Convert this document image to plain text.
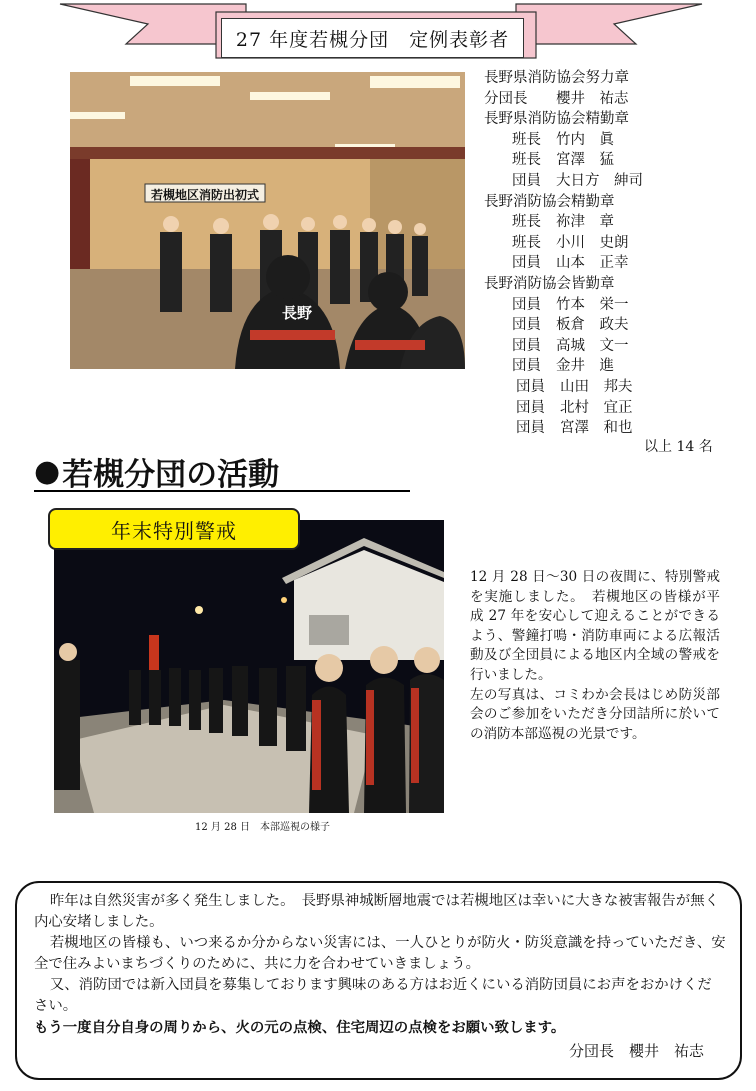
27 年度若槻分団　定例表彰者
若槻地区消防出初式
長野
長野県消防協会努力章
分団長 櫻井　祐志
長野県消防協会精勤章
班長 竹内　眞
班長 宮澤　猛
団員 大日方　紳司
長野消防協会精勤章
班長 祢津　章
班長 小川　史朗
団員 山本　正幸
長野消防協会皆勤章
団員 竹本　栄一
団員 板倉　政夫
団員 高城　文一
団員 金井　進
団員 山田　邦夫
団員 北村　宜正
団員 宮澤　和也
以上 14 名
● 若槻分団の活動
年末特別警戒
12 月 28 日～30 日の夜間に、特別警戒を実施しました。　若槻地区の皆様が平成 27 年を安心して迎えることができるよう、警鐘打鳴・消防車両による広報活動及び全団員による地区内全域の警戒を行いました。
左の写真は、コミわか会長はじめ防災部会のご参加をいただき分団詰所に於いての消防本部巡視の光景です。
12 月 28 日　本部巡視の様子

昨年は自然災害が多く発生しました。　長野県神城断層地震では若槻地区は幸いに大きな被害報告が無く内心安堵しました。

若槻地区の皆様も、いつ来るか分からない災害には、一人ひとりが防火・防災意識を持っていただき、安全で住みよいまちづくりのために、共に力を合わせていきましょう。

又、消防団では新入団員を募集しております興味のある方はお近くにいる消防団員にお声をおかけください。

もう一度自分自身の周りから、火の元の点検、住宅周辺の点検をお願い致します。

分団長　櫻井　祐志
